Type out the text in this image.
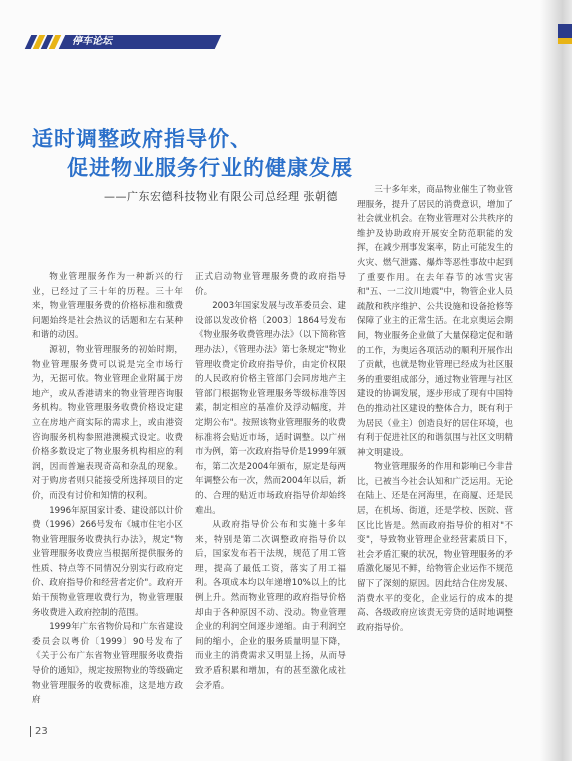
停车论坛
适时调整政府指导价、
促进物业服务行业的健康发展
——广东宏德科技物业有限公司总经理 张朝德

物业管理服务作为一种新兴的行业，已经过了三十年的历程。三十年来，物业管理服务费的价格标准和缴费问题始终是社会热议的话题和左右某种和谐的动因。

源初，物业管理服务的初始时期，物业管理服务费可以说是完全市场行为，无据可依。物业管理企业附属于房地产，或从香港请来的物业管理咨询服务机构。物业管理服务收费价格设定建立在房地产商实际的需求上，或由港资咨询服务机构参照港澳模式设定。收费价格多数设定了物业服务机构相应的利润，因而普遍表现奇高和杂乱的现象。对于购房者则只能接受所选择项目的定价，而没有讨价和知情的权利。

1996年原国家计委、建设部以计价费（1996）266号发布《城市住宅小区物业管理服务收费执行办法》，规定"物业管理服务收费应当根据所提供服务的性质、特点等不同情况分别实行政府定价、政府指导价和经营者定价"。政府开始干预物业管理收费行为，物业管理服务收费进入政府控制的范围。

1999年广东省物价局和广东省建设委员会以粤价〔1999〕90号发布了《关于公布广东省物业管理服务收费指导价的通知》，规定按照物业的等级确定物业管理服务的收费标准，这是地方政府

正式启动物业管理服务费的政府指导价。

2003年国家发展与改革委员会、建设部以发改价格〔2003〕1864号发布《物业服务收费管理办法》（以下简称管理办法），《管理办法》第七条规定"物业管理收费定价政府指导价，由定价权限的人民政府价格主管部门会同房地产主管部门根据物业管理服务等级标准等因素，制定相应的基准价及浮动幅度，并定期公布"。按照该物业管理服务的收费标准将会贴近市场，适时调整。以广州市为例，第一次政府指导价是1999年颁布，第二次是2004年颁布，原定是每两年调整公布一次，然而2004年以后，新的、合理的贴近市场政府指导价却始终难出。

从政府指导价公布和实施十多年来，特别是第二次调整政府指导价以后，国家发布若干法规，规范了用工管理，提高了最低工资，落实了用工福利。各项成本均以年递增10%以上的比例上升。然而物业管理的政府指导价格却由于各种原因不动、没动。物业管理企业的利润空间逐步递缩。由于利润空间的缩小，企业的服务质量明显下降，而业主的消费需求又明显上扬，从而导致矛盾积累和增加，有的甚至激化成社会矛盾。

三十多年来，商品物业催生了物业管理服务，提升了居民的消费意识，增加了社会就业机会。在物业管理对公共秩序的维护及协助政府开展安全防范职能的发挥，在减少刑事发案率，防止可能发生的火灾、燃气泄露、爆炸等恶性事故中起到了重要作用。在去年春节的冰雪灾害和"五、一二汶川地震"中，物管企业人员疏散和秩序维护、公共设施和设备抢修等保障了业主的正常生活。在北京奥运会期间，物业服务企业做了大量保稳定促和谐的工作，为奥运各项活动的顺利开展作出了贡献，也就是物业管理已经成为社区服务的重要组成部分，通过物业管理与社区建设的协调发展，逐步形成了现有中国特色的推动社区建设的整体合力，既有利于为居民（业主）创造良好的居住环境，也有利于促进社区的和谐氛围与社区文明精神文明建设。

物业管理服务的作用和影响已今非昔比，已被当今社会认知和广泛运用。无论在陆上、还是在河海里，在商厦、还是民居，在机场、街道，还是学校、医院、营区比比皆是。然而政府指导价的相对"不变"，导致物业管理企业经营素质日下，社会矛盾汇聚的状况，物业管理服务的矛盾激化屡见不鲜，给物管企业运作不规范留下了深刻的原因。因此结合住房发展、消费水平的变化，企业运行的成本的提高、各级政府应该责无旁贷的适时地调整政府指导价。

23
